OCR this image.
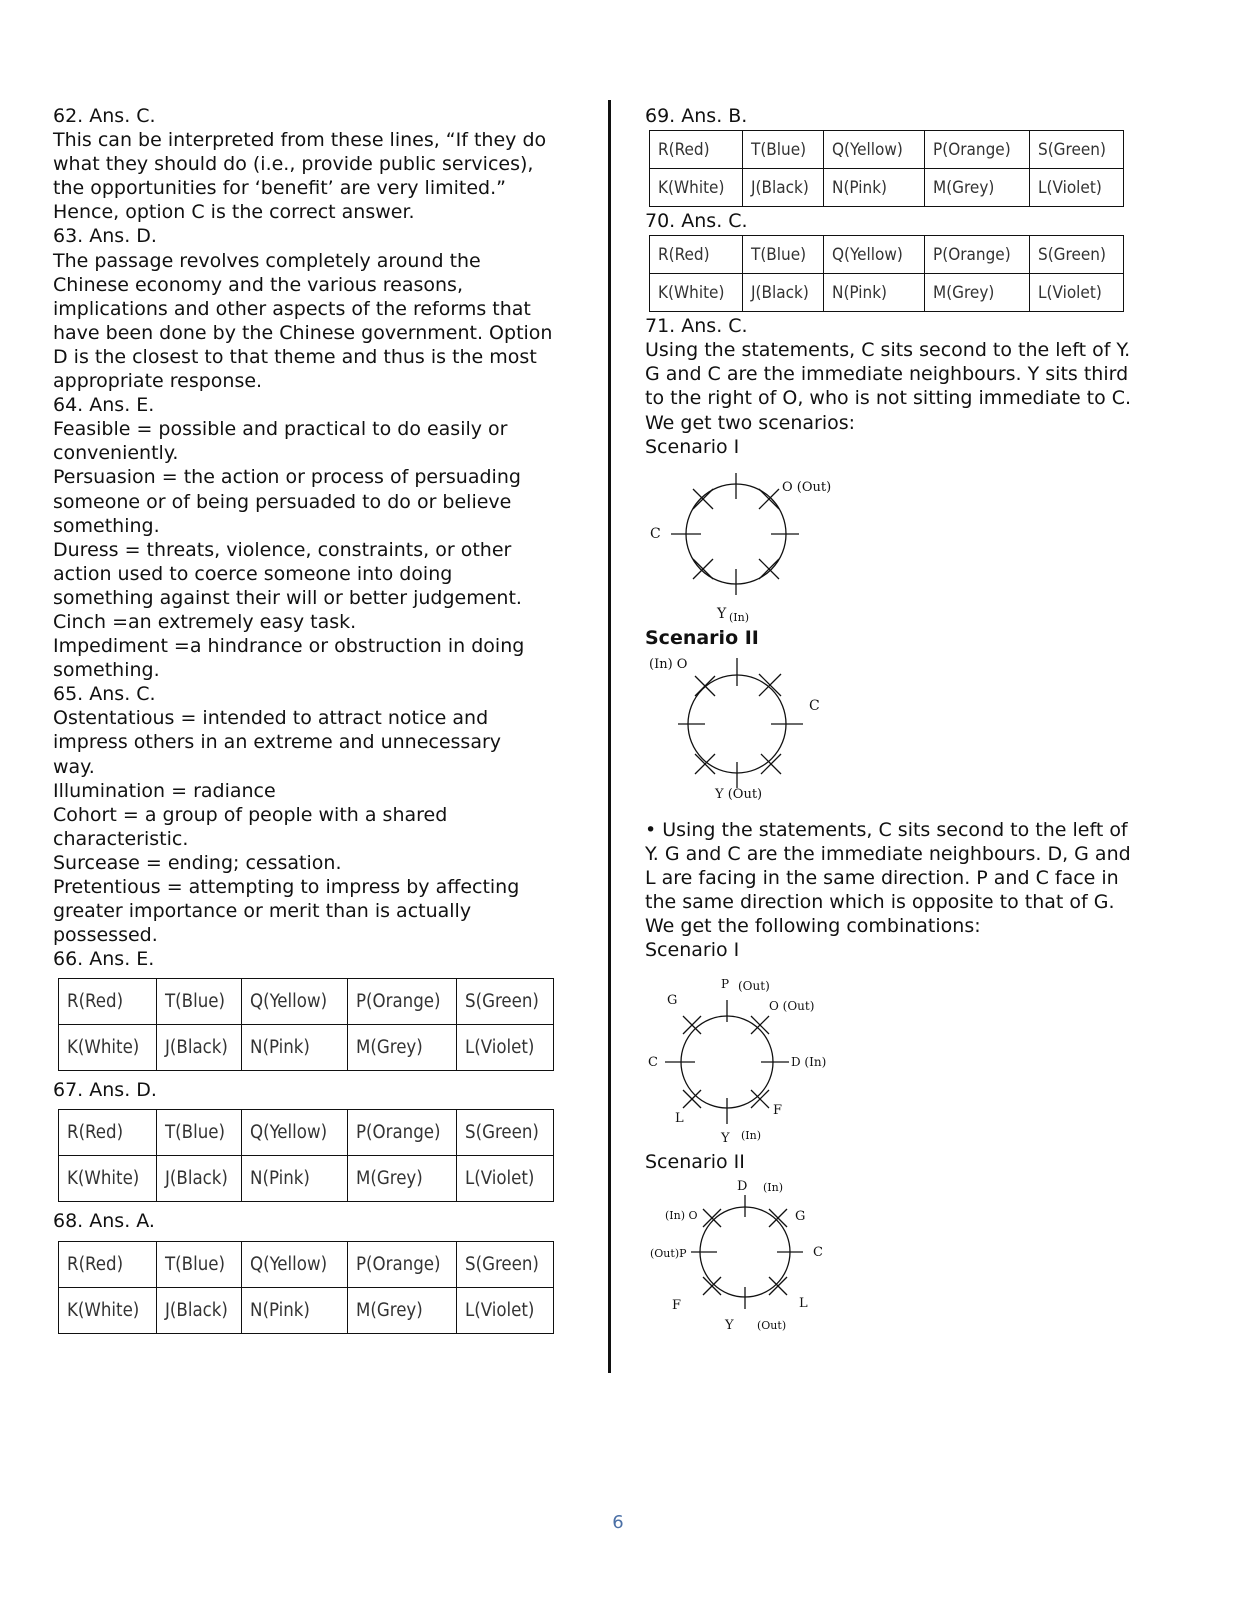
62. Ans. C.

This can be interpreted from these lines, “If they do

what they should do (i.e., provide public services),

the opportunities for ‘benefit’ are very limited.”

Hence, option C is the correct answer.

63. Ans. D.

The passage revolves completely around the

Chinese economy and the various reasons,

implications and other aspects of the reforms that

have been done by the Chinese government. Option

D is the closest to that theme and thus is the most

appropriate response.

64. Ans. E.

Feasible = possible and practical to do easily or

conveniently.

Persuasion = the action or process of persuading

someone or of being persuaded to do or believe

something.

Duress = threats, violence, constraints, or other

action used to coerce someone into doing

something against their will or better judgement.

Cinch =an extremely easy task.

Impediment =a hindrance or obstruction in doing

something.

65. Ans. C.

Ostentatious = intended to attract notice and

impress others in an extreme and unnecessary

way.

Illumination = radiance

Cohort = a group of people with a shared

characteristic.

Surcease = ending; cessation.

Pretentious = attempting to impress by affecting

greater importance or merit than is actually

possessed.

66. Ans. E.

R(Red)	T(Blue)	Q(Yellow)	P(Orange)	S(Green)
K(White)	J(Black)	N(Pink)	M(Grey)	L(Violet)

67. Ans. D.

R(Red)	T(Blue)	Q(Yellow)	P(Orange)	S(Green)
K(White)	J(Black)	N(Pink)	M(Grey)	L(Violet)

68. Ans. A.

R(Red)	T(Blue)	Q(Yellow)	P(Orange)	S(Green)
K(White)	J(Black)	N(Pink)	M(Grey)	L(Violet)

69. Ans. B.

R(Red)	T(Blue)	Q(Yellow)	P(Orange)	S(Green)
K(White)	J(Black)	N(Pink)	M(Grey)	L(Violet)

70. Ans. C.

R(Red)	T(Blue)	Q(Yellow)	P(Orange)	S(Green)
K(White)	J(Black)	N(Pink)	M(Grey)	L(Violet)

71. Ans. C.

Using the statements, C sits second to the left of Y.

G and C are the immediate neighbours. Y sits third

to the right of O, who is not sitting immediate to C.

We get two scenarios:

Scenario I

O (Out)
C
Y (In)

Scenario II

(In) O
C
Y (Out)

• Using the statements, C sits second to the left of

Y. G and C are the immediate neighbours. D, G and

L are facing in the same direction. P and C face in

the same direction which is opposite to that of G.

We get the following combinations:

Scenario I

P (Out)
G	O (Out)
C	D (In)
L
F
Y (In)

Scenario II

D (In)
(In) O	G
(Out)P	C
F	L
Y (Out)
6
